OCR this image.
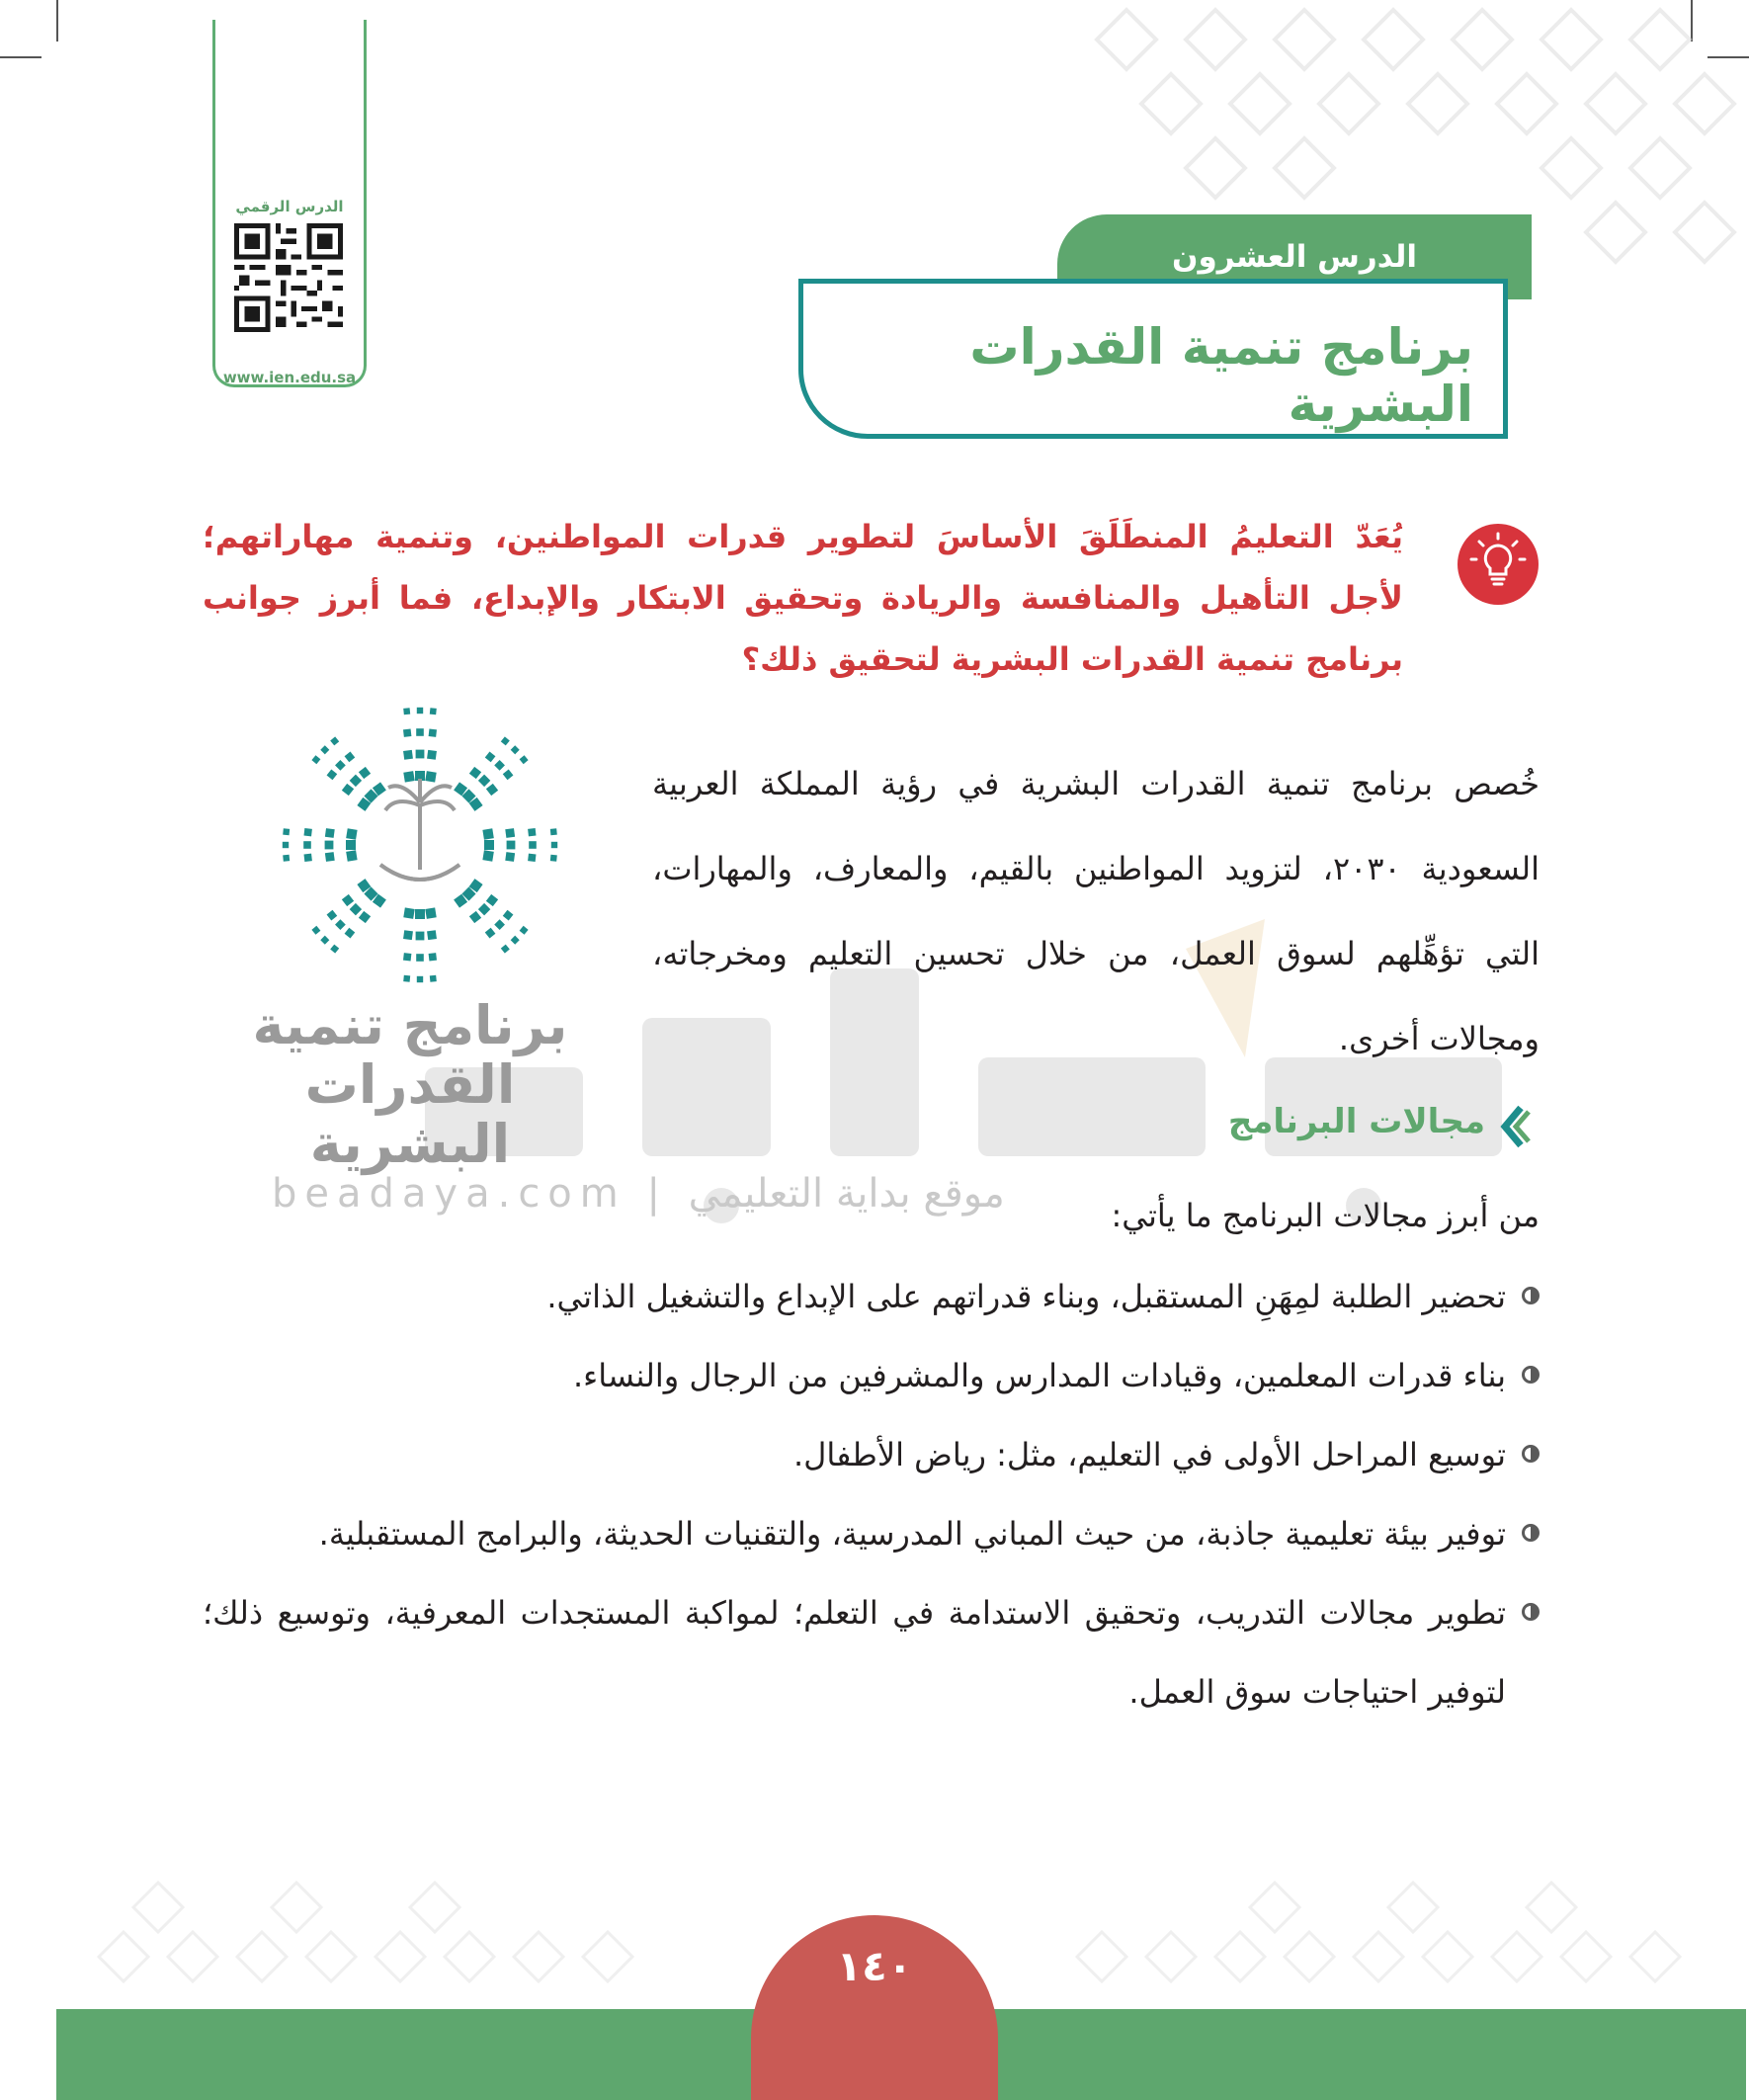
الدرس الرقمي
www.ien.edu.sa
الدرس العشرون
برنامج تنمية القدرات البشرية
يُعَدّ التعليمُ المنطَلَقَ الأساسَ لتطوير قدرات المواطنين، وتنمية مهاراتهم؛ لأجل التأهيل والمنافسة والريادة وتحقيق الابتكار والإبداع، فما أبرز جوانب برنامج تنمية القدرات البشرية لتحقيق ذلك؟
beadaya.com | موقع بداية التعليمي
برنامج تنمية
القدرات البشرية
خُصص برنامج تنمية القدرات البشرية في رؤية المملكة العربية السعودية ٢٠٣٠، لتزويد المواطنين بالقيم، والمعارف، والمهارات، التي تؤهِّلهم لسوق العمل، من خلال تحسين التعليم ومخرجاته، ومجالات أخرى.
مجالات البرنامج
من أبرز مجالات البرنامج ما يأتي:
تحضير الطلبة لمِهَنِ المستقبل، وبناء قدراتهم على الإبداع والتشغيل الذاتي.
بناء قدرات المعلمين، وقيادات المدارس والمشرفين من الرجال والنساء.
توسيع المراحل الأولى في التعليم، مثل: رياض الأطفال.
توفير بيئة تعليمية جاذبة، من حيث المباني المدرسية، والتقنيات الحديثة، والبرامج المستقبلية.
تطوير مجالات التدريب، وتحقيق الاستدامة في التعلم؛ لمواكبة المستجدات المعرفية، وتوسيع ذلك؛ لتوفير احتياجات سوق العمل.
١٤٠
